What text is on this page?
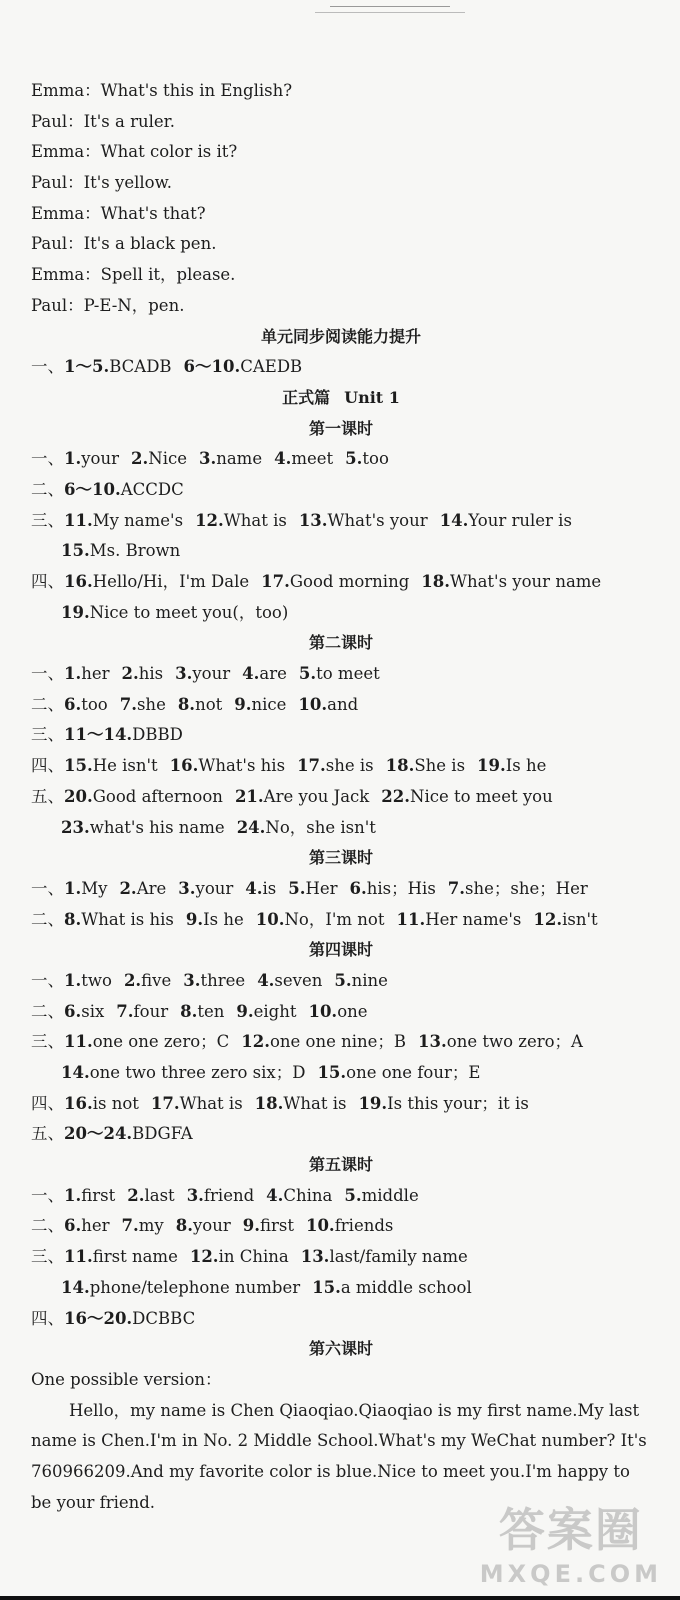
Emma：What's this in English?
Paul：It's a ruler.
Emma：What color is it?
Paul：It's yellow.
Emma：What's that?
Paul：It's a black pen.
Emma：Spell it，please.
Paul：P-E-N，pen.
单元同步阅读能力提升
一、1～5.BCADB 6～10.CAEDB
正式篇 Unit 1
第一课时
一、1.your 2.Nice 3.name 4.meet 5.too
二、6～10.ACCDC
三、11.My name's 12.What is 13.What's your 14.Your ruler is
15.Ms. Brown
四、16.Hello/Hi，I'm Dale 17.Good morning 18.What's your name
19.Nice to meet you(，too)
第二课时
一、1.her 2.his 3.your 4.are 5.to meet
二、6.too 7.she 8.not 9.nice 10.and
三、11～14.DBBD
四、15.He isn't 16.What's his 17.she is 18.She is 19.Is he
五、20.Good afternoon 21.Are you Jack 22.Nice to meet you
23.what's his name 24.No，she isn't
第三课时
一、1.My 2.Are 3.your 4.is 5.Her 6.his；His 7.she；she；Her
二、8.What is his 9.Is he 10.No，I'm not 11.Her name's 12.isn't
第四课时
一、1.two 2.five 3.three 4.seven 5.nine
二、6.six 7.four 8.ten 9.eight 10.one
三、11.one one zero；C 12.one one nine；B 13.one two zero；A
14.one two three zero six；D 15.one one four；E
四、16.is not 17.What is 18.What is 19.Is this your；it is
五、20～24.BDGFA
第五课时
一、1.first 2.last 3.friend 4.China 5.middle
二、6.her 7.my 8.your 9.first 10.friends
三、11.first name 12.in China 13.last/family name
14.phone/telephone number 15.a middle school
四、16～20.DCBBC
第六课时
One possible version：
Hello，my name is Chen Qiaoqiao.Qiaoqiao is my first name.My last name is Chen.I'm in No. 2 Middle School.What's my WeChat number? It's 760966209.And my favorite color is blue.Nice to meet you.I'm happy to be your friend.
答案圈
MXQE.COM
